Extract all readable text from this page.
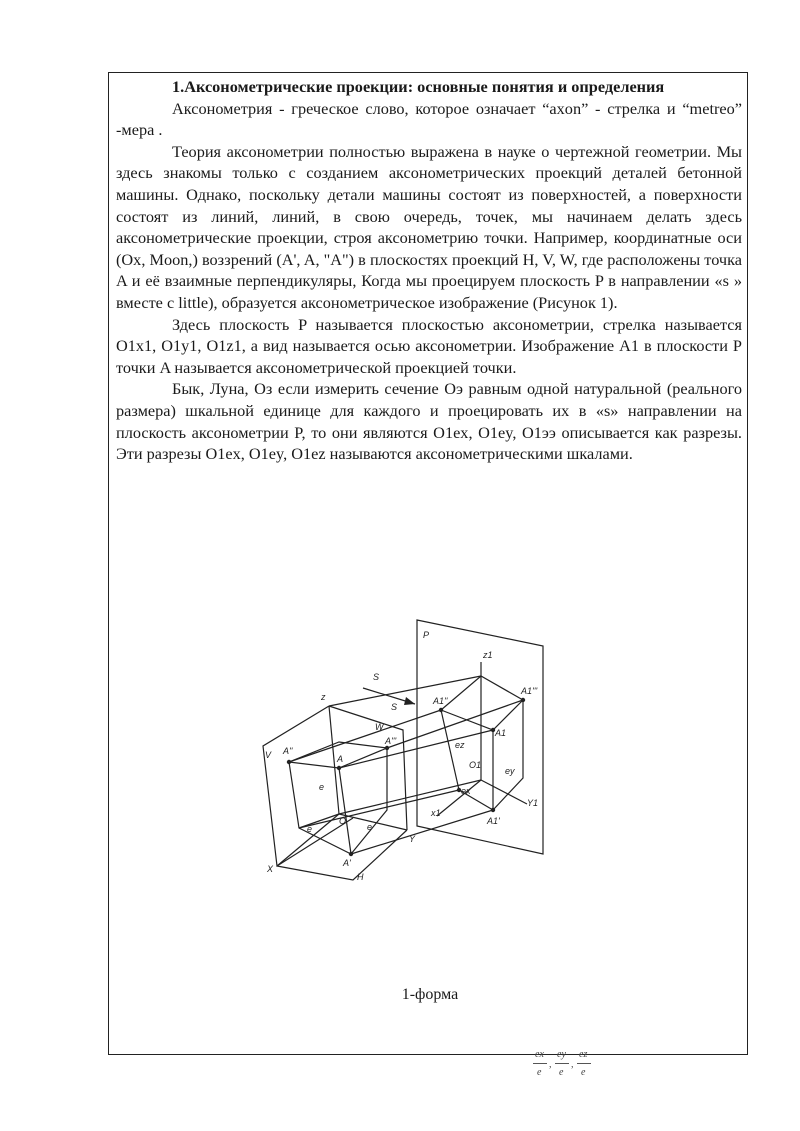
1.Аксонометрические проекции: основные понятия и определения

Аксонометрия - греческое слово, которое означает “axon” - стрелка и “metreo” -мера .

Теория аксонометрии полностью выражена в науке о чертежной геометрии. Мы здесь знакомы только с созданием аксонометрических проекций деталей бетонной машины. Однако, поскольку детали машины состоят из поверхностей, а поверхности состоят из линий, линий, в свою очередь, точек, мы начинаем делать здесь аксонометрические проекции, строя аксонометрию точки. Например, координатные оси (Ox, Moon,) воззрений (A', A, "A") в плоскостях проекций H, V, W, где расположены точка A и её взаимные перпендикуляры, Когда мы проецируем плоскость P в направлении «s » вместе с little), образуется аксонометрическое изображение (Рисунок 1).

Здесь плоскость P называется плоскостью аксонометрии, стрелка называется O1x1, O1y1, O1z1, а вид называется осью аксонометрии. Изображение A1 в плоскости P точки A называется аксонометрической проекцией точки.

Бык, Луна, Оз если измерить сечение Оэ равным одной натуральной (реального размера) шкальной единице для каждого и проецировать их в «s» направлении на плоскость аксонометрии P, то они являются O1ex, O1ey, O1ээ описывается как разрезы. Эти разрезы O1ex, O1ey, O1ez называются аксонометрическими шкалами.

P
S
S
z1
z
V
W
A''
A'''
A
A1''
A1'''
A1
e
e	e
O
O1
ez
ey
ex
x1
Y1
A1'
A'
X
Y
H
1-форма
ex
e
,
ey
e
,
ez
e
